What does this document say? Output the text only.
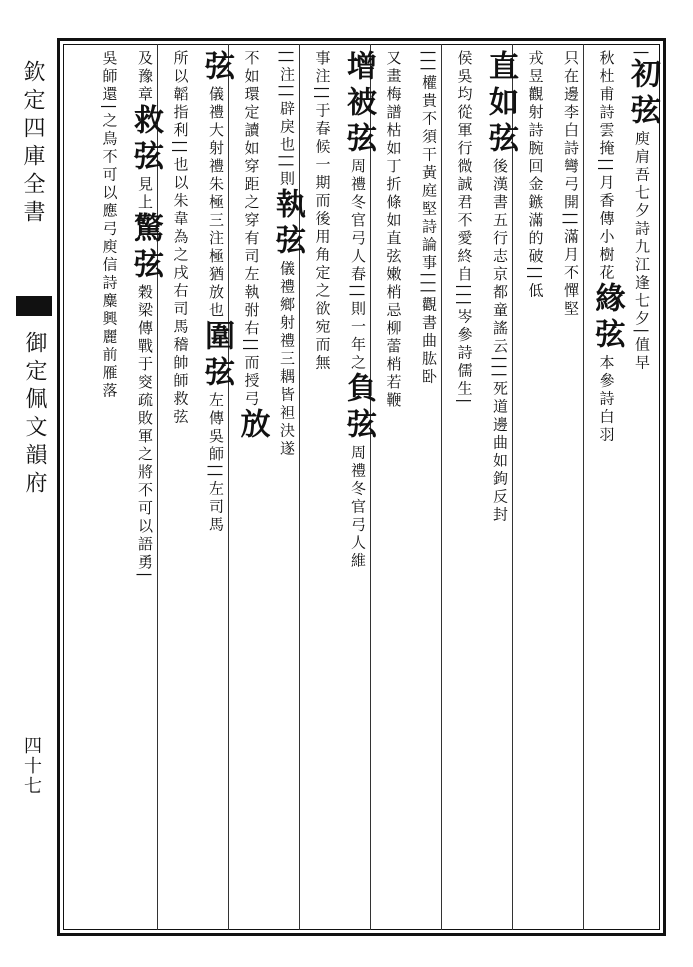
欽定四庫全書
御定佩文韻府
四十七
|初弦庾肩吾七夕詩九江逢七夕|值早
秋杜甫詩雲掩||月香傳小樹花緣弦本參詩白羽
只在邊李白詩彎弓開||滿月不憚堅
戎昱觀射詩腕回金鏃滿的破||低
直如弦後漢書五行志京都童謠云|||死道邊曲如鉤反封
侯吳均從軍行微誠君不愛終自|||岑參詩儒生|
|||權貴不須干黃庭堅詩論事|||觀書曲肱卧
又畫梅譜枯如丁折條如直弦嫩梢忌柳蕾梢若鞭
增被弦周禮冬官弓人春||則一年之負弦周禮冬官弓人維
事注||于春候一期而後用角定之欲宛而無
||注||辟戾也||則執弦儀禮鄉射禮三耦皆袒決遂
不如環定讀如穿距之穿有司左執弣右||而授弓放
弦儀禮大射禮朱極三注極猶放也圍弦左傳吳師||左司馬
所以韜指利||也以朱韋為之戌右司馬稽帥師救弦
及豫章救弦見上驚弦穀梁傳戰于窔疏敗軍之將不可以語勇|
吳師還|之鳥不可以應弓庾信詩麋興麗前雁落
